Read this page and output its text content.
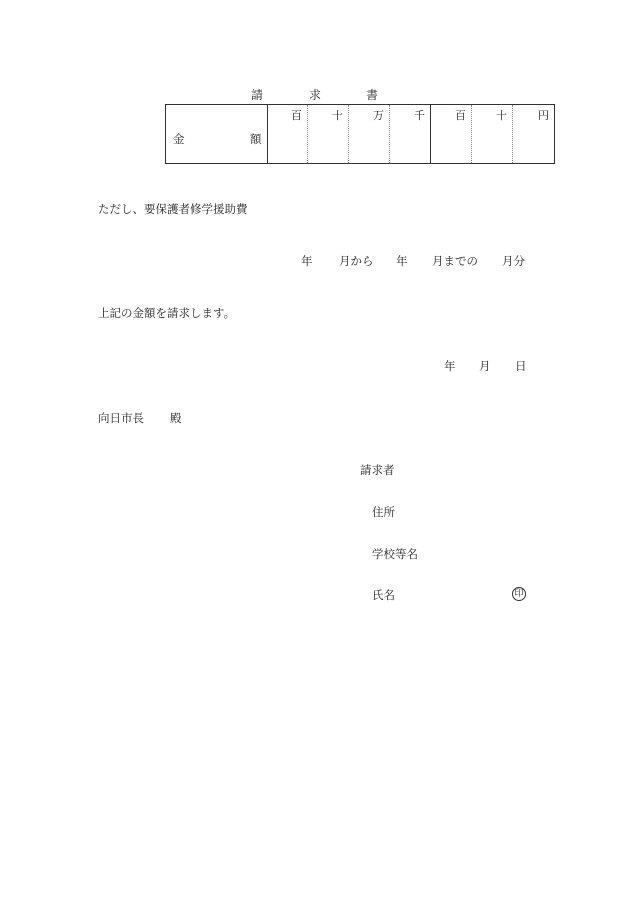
請	求	書
金	額
百	十	万	千	百	十	円
ただし、要保護者修学援助費
年 月から 年 月までの 月分
上記の金額を請求します。
年 月 日
向日市長 殿
請求者
住所
学校等名
氏名	印
